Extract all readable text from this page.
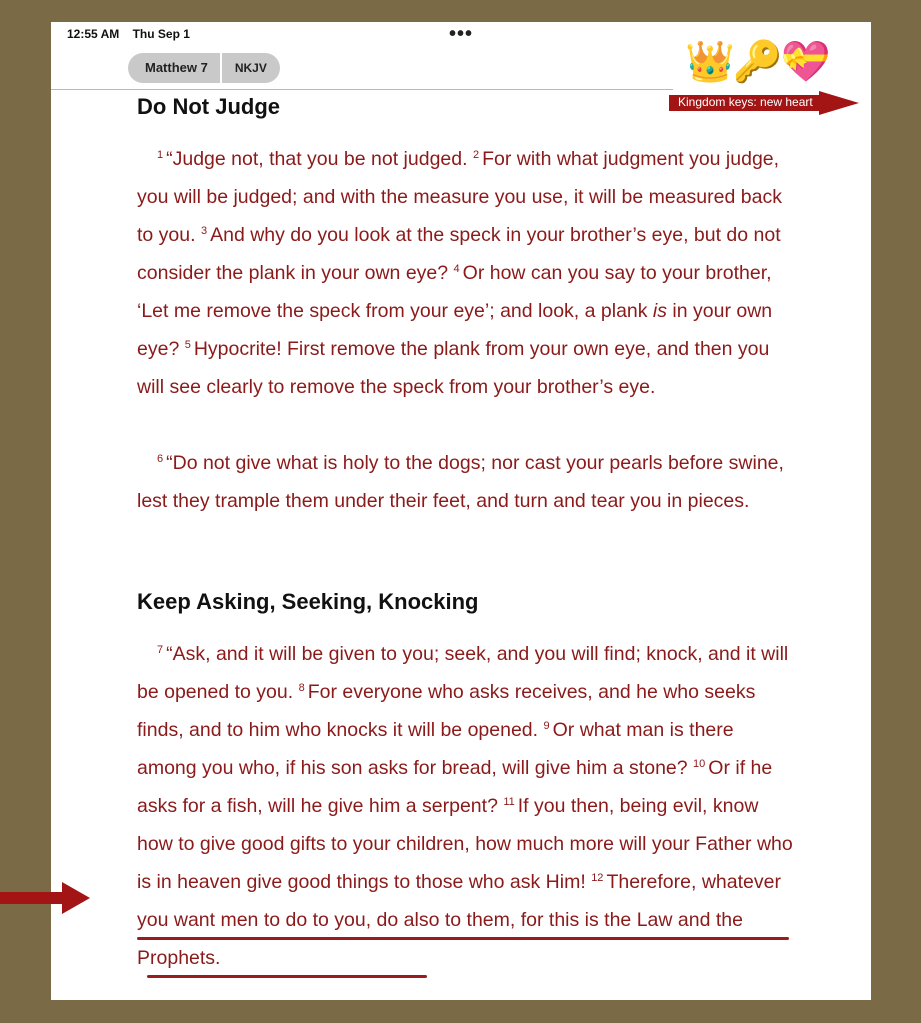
12:55 AM Thu Sep 1	•••
Matthew 7	NKJV	👑🔑💝
Kingdom keys: new heart
Do Not Judge

$^1$ “Judge not, that you be not judged. $^2$ For with what judgment you judge, you will be judged; and with the measure you use, it will be measured back to you. $^3$ And why do you look at the speck in your brother’s eye, but do not consider the plank in your own eye? $^4$ Or how can you say to your brother, ‘Let me remove the speck from your eye’; and look, a plank is in your own eye? $^5$ Hypocrite! First remove the plank from your own eye, and then you will see clearly to remove the speck from your brother’s eye.

$^6$ “Do not give what is holy to the dogs; nor cast your pearls before swine, lest they trample them under their feet, and turn and tear you in pieces.

Keep Asking, Seeking, Knocking

$^7$ “Ask, and it will be given to you; seek, and you will find; knock, and it will be opened to you. $^8$ For everyone who asks receives, and he who seeks finds, and to him who knocks it will be opened. $^9$ Or what man is there among you who, if his son asks for bread, will give him a stone? $^{10}$ Or if he asks for a fish, will he give him a serpent? $^{11}$ If you then, being evil, know how to give good gifts to your children, how much more will your Father who is in heaven give good things to those who ask Him! $^{12}$ Therefore, whatever you want men to do to you, do also to them, for this is the Law and the Prophets.
